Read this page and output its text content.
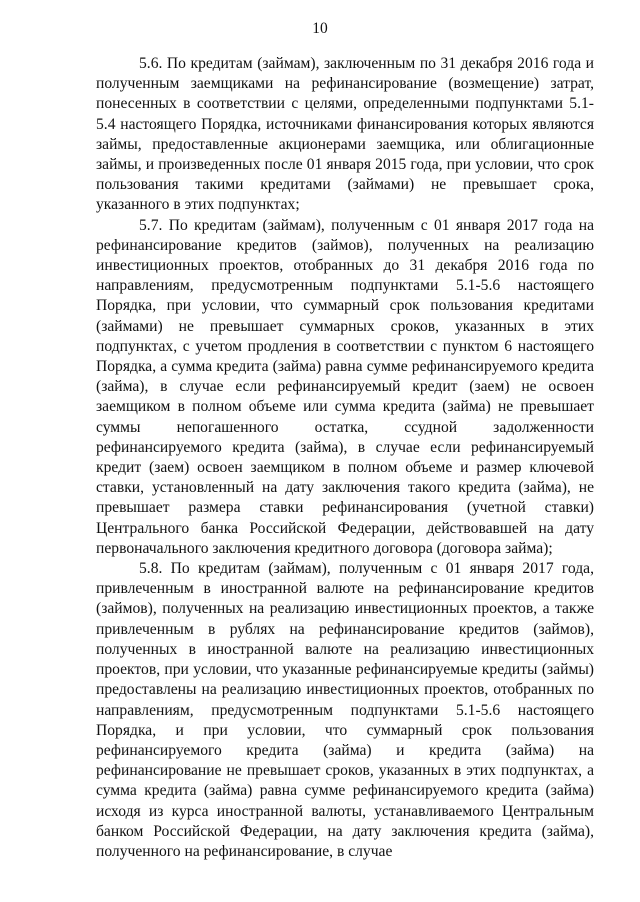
10

5.6. По кредитам (займам), заключенным по 31 декабря 2016 года и полученным заемщиками на рефинансирование (возмещение) затрат, понесенных в соответствии с целями, определенными подпунктами 5.1-5.4 настоящего Порядка, источниками финансирования которых являются займы, предоставленные акционерами заемщика, или облигационные займы, и произведенных после 01 января 2015 года, при условии, что срок пользования такими кредитами (займами) не превышает срока, указанного в этих подпунктах;

5.7. По кредитам (займам), полученным с 01 января 2017 года на рефинансирование кредитов (займов), полученных на реализацию инвестиционных проектов, отобранных до 31 декабря 2016 года по направлениям, предусмотренным подпунктами 5.1-5.6 настоящего Порядка, при условии, что суммарный срок пользования кредитами (займами) не превышает суммарных сроков, указанных в этих подпунктах, с учетом продления в соответствии с пунктом 6 настоящего Порядка, а сумма кредита (займа) равна сумме рефинансируемого кредита (займа), в случае если рефинансируемый кредит (заем) не освоен заемщиком в полном объеме или сумма кредита (займа) не превышает суммы непогашенного остатка, ссудной задолженности рефинансируемого кредита (займа), в случае если рефинансируемый кредит (заем) освоен заемщиком в полном объеме и размер ключевой ставки, установленный на дату заключения такого кредита (займа), не превышает размера ставки рефинансирования (учетной ставки) Центрального банка Российской Федерации, действовавшей на дату первоначального заключения кредитного договора (договора займа);

5.8. По кредитам (займам), полученным с 01 января 2017 года, привлеченным в иностранной валюте на рефинансирование кредитов (займов), полученных на реализацию инвестиционных проектов, а также привлеченным в рублях на рефинансирование кредитов (займов), полученных в иностранной валюте на реализацию инвестиционных проектов, при условии, что указанные рефинансируемые кредиты (займы) предоставлены на реализацию инвестиционных проектов, отобранных по направлениям, предусмотренным подпунктами 5.1-5.6 настоящего Порядка, и при условии, что суммарный срок пользования рефинансируемого кредита (займа) и кредита (займа) на рефинансирование не превышает сроков, указанных в этих подпунктах, а сумма кредита (займа) равна сумме рефинансируемого кредита (займа) исходя из курса иностранной валюты, устанавливаемого Центральным банком Российской Федерации, на дату заключения кредита (займа), полученного на рефинансирование, в случае
